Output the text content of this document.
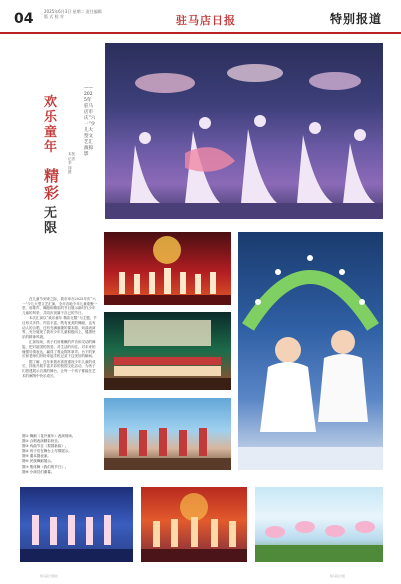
04	2025年6月3日 星期二 责任编辑 版 式 校 对	驻马店日报	特别报道
欢乐童年
精彩
无限
——2025年驻马店市庆“六一”少儿大型文艺汇演掠影
本报记者 李 翔 摄

在儿童节到来之际，我市举办2025年庆“六一”少儿大型文艺汇演，全市各地少年儿童欢聚一堂，用歌声、舞蹈和精彩的节目展示新时代少年儿童的风采，共同庆祝属于自己的节日。

本次汇演以“欢乐童年 精彩无限”为主题，节目形式多样、内容丰富，既有优美的舞蹈，也有动人的合唱，还有充满童趣的课本剧、戏曲表演等，充分展现了我市少年儿童积极向上、健康快乐的精神风貌。

汇演现场，孩子们用稚嫩的声音和灵动的舞姿，把对祖国的热爱、对生活的向往、对未来的憧憬尽情表达，赢得了观众阵阵掌声。台下的家长和老师们纷纷举起手机记录下这美好的瞬间。

据了解，近年来我市高度重视少年儿童的成长，持续开展丰富多彩的校园文化活动，为孩子们搭建展示自我的舞台，让每一个孩子都能在艺术的熏陶中快乐成长。

图① 舞蹈《花开童年》表演现场。
图② 合唱表演精彩纷呈。
图③ 戏曲节目《梨园新韵》。
图④ 孩子们在舞台上尽情展示。
图⑤ 课本剧表演。
图⑥ 民族舞蹈展示。
图⑦ 集体舞《我们的节日》。
图⑧ 小演员们谢幕。
驻马店日报社	驻马店日报
